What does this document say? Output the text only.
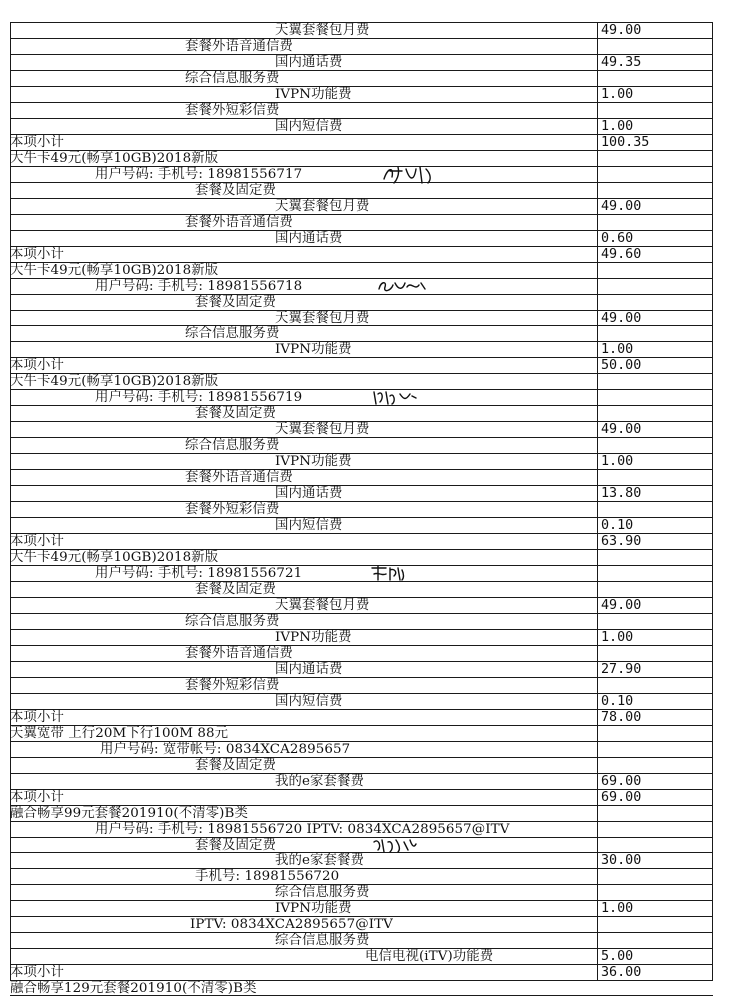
天翼套餐包月费	49.00
套餐外语音通信费
国内通话费	49.35
综合信息服务费
IVPN功能费	1.00
套餐外短彩信费
国内短信费	1.00
本项小计	100.35
大牛卡49元(畅享10GB)2018新版
用户号码: 手机号: 18981556717
套餐及固定费
天翼套餐包月费	49.00
套餐外语音通信费
国内通话费	0.60
本项小计	49.60
大牛卡49元(畅享10GB)2018新版
用户号码: 手机号: 18981556718
套餐及固定费
天翼套餐包月费	49.00
综合信息服务费
IVPN功能费	1.00
本项小计	50.00
大牛卡49元(畅享10GB)2018新版
用户号码: 手机号: 18981556719
套餐及固定费
天翼套餐包月费	49.00
综合信息服务费
IVPN功能费	1.00
套餐外语音通信费
国内通话费	13.80
套餐外短彩信费
国内短信费	0.10
本项小计	63.90
大牛卡49元(畅享10GB)2018新版
用户号码: 手机号: 18981556721
套餐及固定费
天翼套餐包月费	49.00
综合信息服务费
IVPN功能费	1.00
套餐外语音通信费
国内通话费	27.90
套餐外短彩信费
国内短信费	0.10
本项小计	78.00
天翼宽带 上行20M下行100M 88元
用户号码: 宽带帐号: 0834XCA2895657
套餐及固定费
我的e家套餐费	69.00
本项小计	69.00
融合畅享99元套餐201910(不清零)B类
用户号码: 手机号: 18981556720 IPTV: 0834XCA2895657@ITV
套餐及固定费
我的e家套餐费	30.00
手机号: 18981556720
综合信息服务费
IVPN功能费	1.00
IPTV: 0834XCA2895657@ITV
综合信息服务费
电信电视(iTV)功能费	5.00
本项小计	36.00
融合畅享129元套餐201910(不清零)B类
